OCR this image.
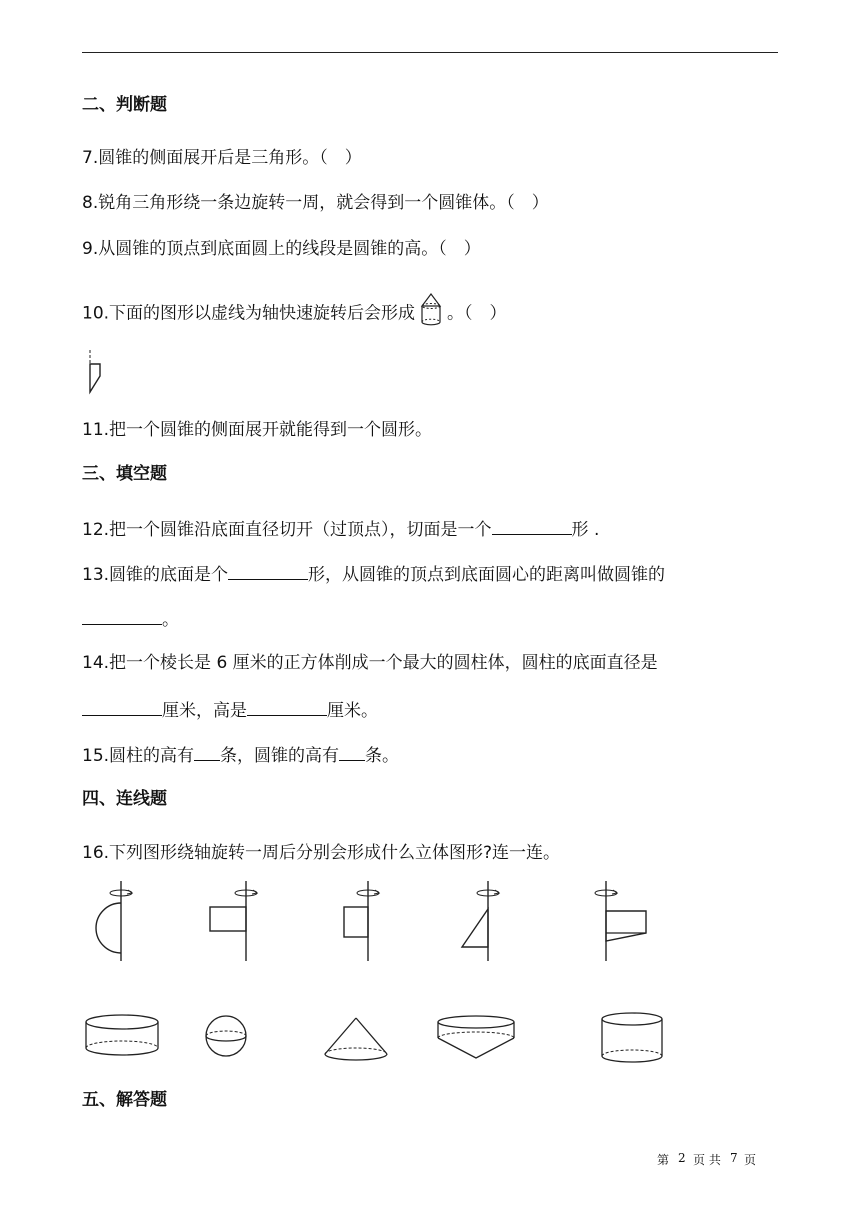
二、判断题
7.圆锥的侧面展开后是三角形。（　）
8.锐角三角形绕一条边旋转一周，就会得到一个圆锥体。（　）
9.从圆锥的顶点到底面圆上的线段是圆锥的高。（　）
10.下面的图形以虚线为轴快速旋转后会形成 。（　）
11.把一个圆锥的侧面展开就能得到一个圆形。
三、填空题
12.把一个圆锥沿底面直径切开（过顶点），切面是一个	形 .
13.圆锥的底面是个	形，从圆锥的顶点到底面圆心的距离叫做圆锥的
。
14.把一个棱长是 6 厘米的正方体削成一个最大的圆柱体，圆柱的底面直径是
厘米，高是	厘米。
15.圆柱的高有 条，圆锥的高有 条。
四、连线题
16.下列图形绕轴旋转一周后分别会形成什么立体图形?连一连。
五、解答题
第 2 页 共 7 页
